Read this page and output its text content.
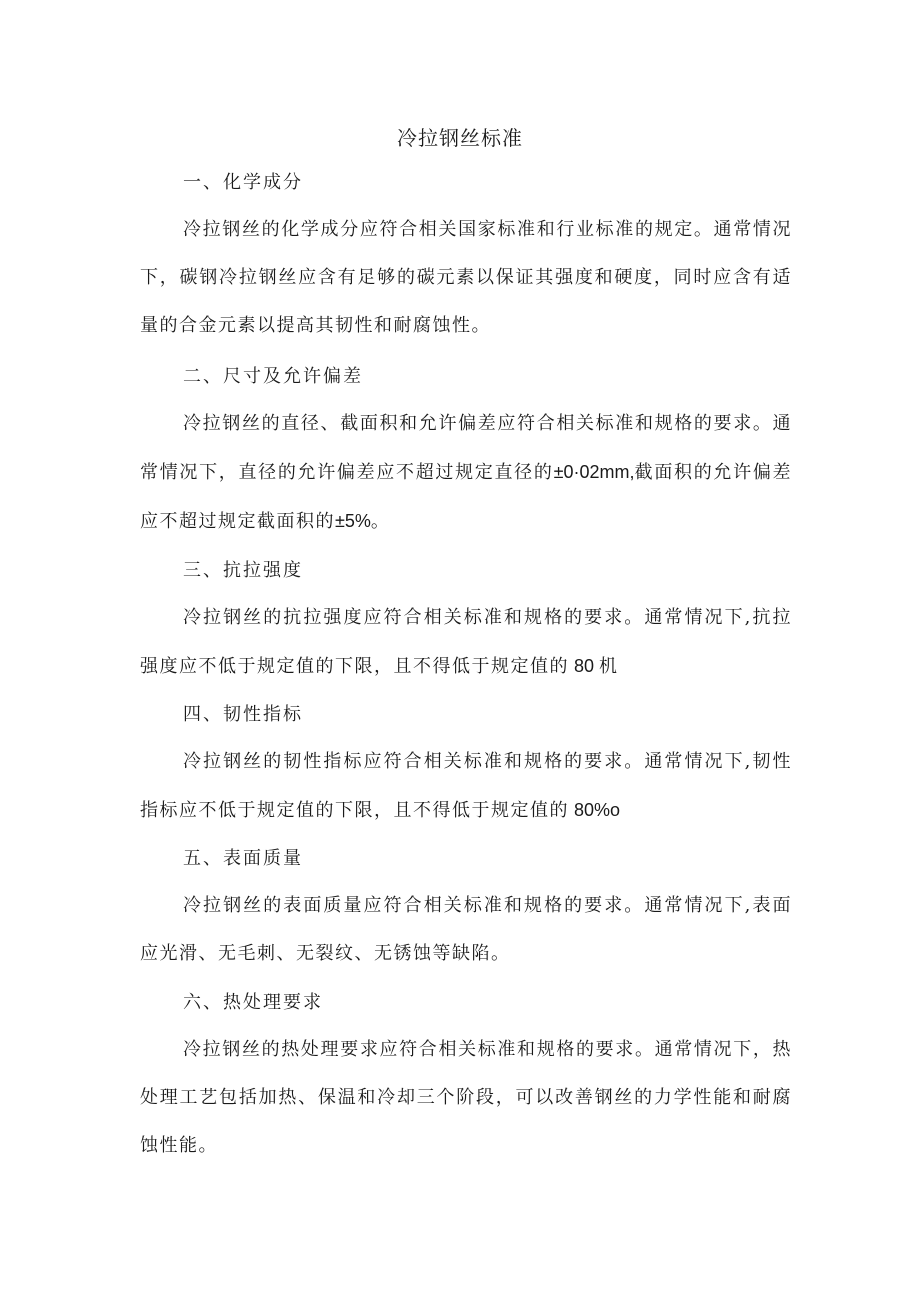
冷拉钢丝标准
一、化学成分
冷拉钢丝的化学成分应符合相关国家标准和行业标准的规定。通常情况下，碳钢冷拉钢丝应含有足够的碳元素以保证其强度和硬度，同时应含有适量的合金元素以提高其韧性和耐腐蚀性。
二、尺寸及允许偏差
冷拉钢丝的直径、截面积和允许偏差应符合相关标准和规格的要求。通常情况下，直径的允许偏差应不超过规定直径的±0·02mm,截面积的允许偏差应不超过规定截面积的±5%。
三、抗拉强度
冷拉钢丝的抗拉强度应符合相关标准和规格的要求。通常情况下,抗拉强度应不低于规定值的下限，且不得低于规定值的 80 机
四、韧性指标
冷拉钢丝的韧性指标应符合相关标准和规格的要求。通常情况下,韧性指标应不低于规定值的下限，且不得低于规定值的 80%o
五、表面质量
冷拉钢丝的表面质量应符合相关标准和规格的要求。通常情况下,表面应光滑、无毛刺、无裂纹、无锈蚀等缺陷。
六、热处理要求
冷拉钢丝的热处理要求应符合相关标准和规格的要求。通常情况下，热处理工艺包括加热、保温和冷却三个阶段，可以改善钢丝的力学性能和耐腐蚀性能。
